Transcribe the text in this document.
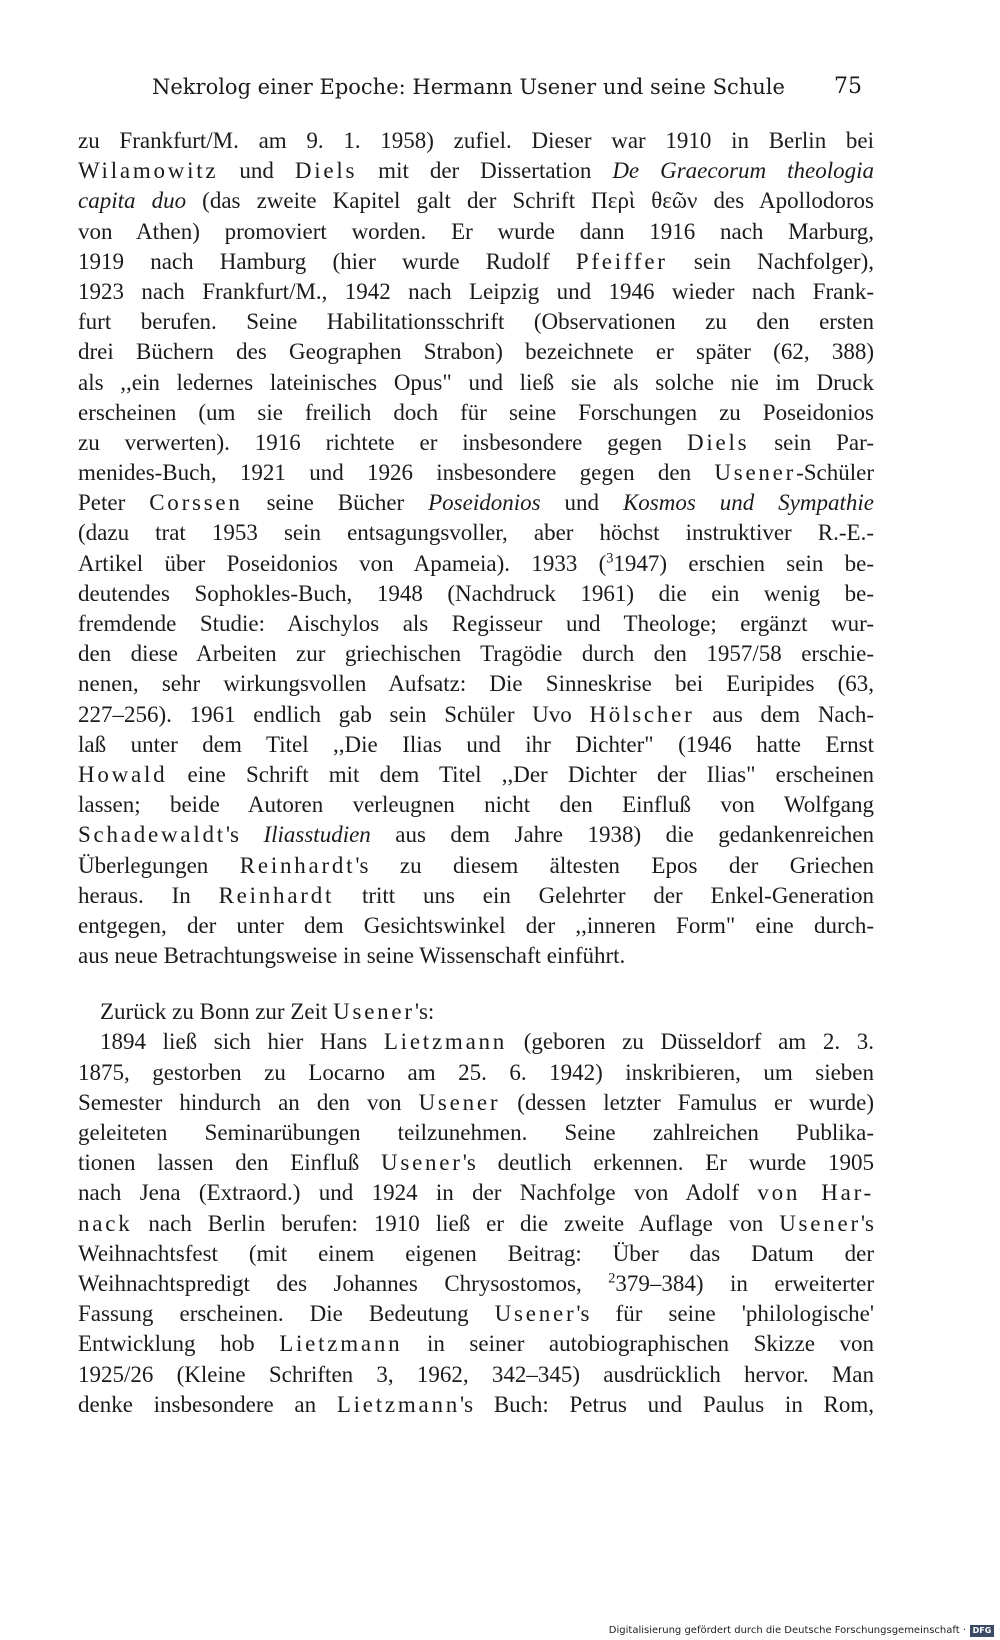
Nekrolog einer Epoche: Hermann Usener und seine Schule 75
zu Frankfurt/M. am 9. 1. 1958) zufiel. Dieser war 1910 in Berlin bei
Wilamowitz und Diels mit der Dissertation De Graecorum theologia
capita duo (das zweite Kapitel galt der Schrift Περὶ θεῶν des Apollodoros
von Athen) promoviert worden. Er wurde dann 1916 nach Marburg,
1919 nach Hamburg (hier wurde Rudolf Pfeiffer sein Nachfolger),
1923 nach Frankfurt/M., 1942 nach Leipzig und 1946 wieder nach Frank-
furt berufen. Seine Habilitationsschrift (Observationen zu den ersten
drei Büchern des Geographen Strabon) bezeichnete er später (62, 388)
als ,,ein ledernes lateinisches Opus" und ließ sie als solche nie im Druck
erscheinen (um sie freilich doch für seine Forschungen zu Poseidonios
zu verwerten). 1916 richtete er insbesondere gegen Diels sein Par-
menides-Buch, 1921 und 1926 insbesondere gegen den Usener-Schüler
Peter Corssen seine Bücher Poseidonios und Kosmos und Sympathie
(dazu trat 1953 sein entsagungsvoller, aber höchst instruktiver R.-E.-
Artikel über Poseidonios von Apameia). 1933 ($^3$1947) erschien sein be-
deutendes Sophokles-Buch, 1948 (Nachdruck 1961) die ein wenig be-
fremdende Studie: Aischylos als Regisseur und Theologe; ergänzt wur-
den diese Arbeiten zur griechischen Tragödie durch den 1957/58 erschie-
nenen, sehr wirkungsvollen Aufsatz: Die Sinneskrise bei Euripides (63,
227–256). 1961 endlich gab sein Schüler Uvo Hölscher aus dem Nach-
laß unter dem Titel ,,Die Ilias und ihr Dichter" (1946 hatte Ernst
Howald eine Schrift mit dem Titel ,,Der Dichter der Ilias" erscheinen
lassen; beide Autoren verleugnen nicht den Einfluß von Wolfgang
Schadewaldt's Iliasstudien aus dem Jahre 1938) die gedankenreichen
Überlegungen Reinhardt's zu diesem ältesten Epos der Griechen
heraus. In Reinhardt tritt uns ein Gelehrter der Enkel-Generation
entgegen, der unter dem Gesichtswinkel der ,,inneren Form" eine durch-
aus neue Betrachtungsweise in seine Wissenschaft einführt.
Zurück zu Bonn zur Zeit Usener's:
1894 ließ sich hier Hans Lietzmann (geboren zu Düsseldorf am 2. 3.
1875, gestorben zu Locarno am 25. 6. 1942) inskribieren, um sieben
Semester hindurch an den von Usener (dessen letzter Famulus er wurde)
geleiteten Seminarübungen teilzunehmen. Seine zahlreichen Publika-
tionen lassen den Einfluß Usener's deutlich erkennen. Er wurde 1905
nach Jena (Extraord.) und 1924 in der Nachfolge von Adolf von Har-
nack nach Berlin berufen: 1910 ließ er die zweite Auflage von Usener's
Weihnachtsfest (mit einem eigenen Beitrag: Über das Datum der
Weihnachtspredigt des Johannes Chrysostomos, $^2$379–384) in erweiterter
Fassung erscheinen. Die Bedeutung Usener's für seine 'philologische'
Entwicklung hob Lietzmann in seiner autobiographischen Skizze von
1925/26 (Kleine Schriften 3, 1962, 342–345) ausdrücklich hervor. Man
denke insbesondere an Lietzmann's Buch: Petrus und Paulus in Rom,
Digitalisierung gefördert durch die Deutsche Forschungsgemeinschaft · DFG
